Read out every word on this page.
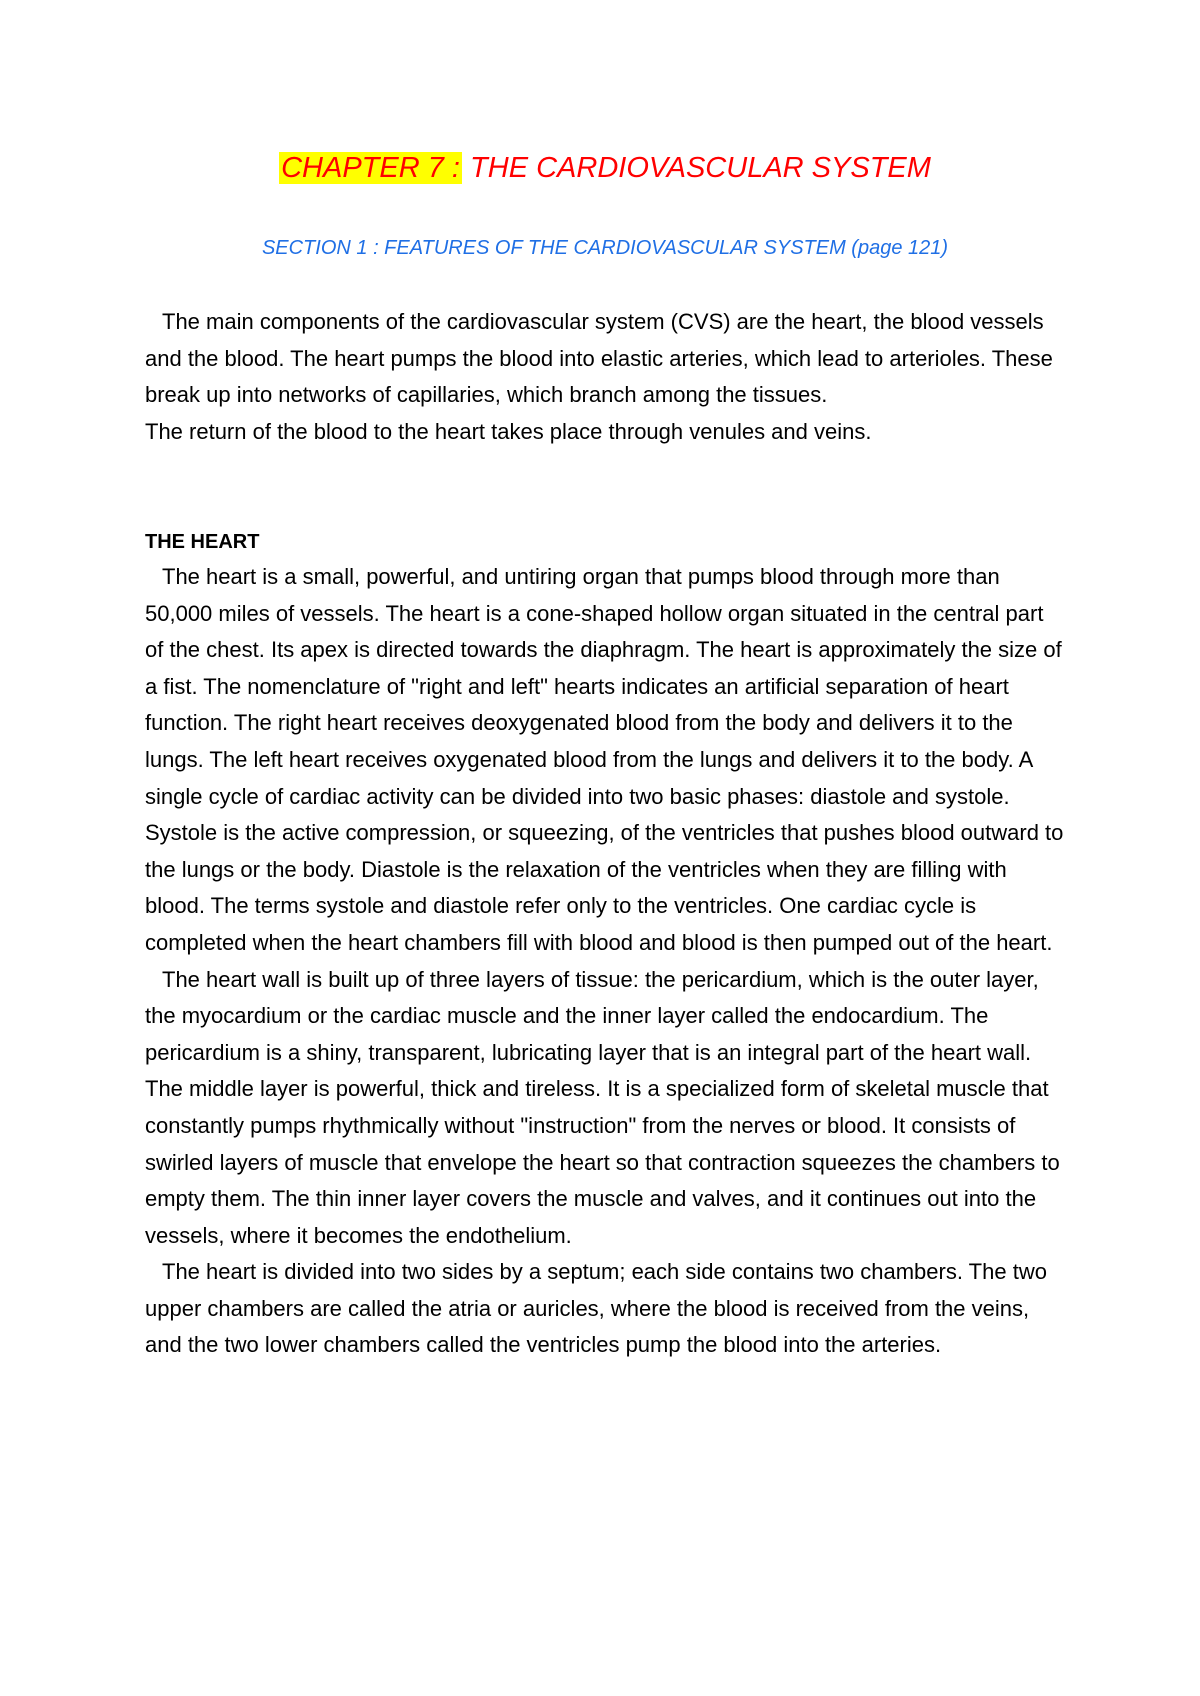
CHAPTER 7 : THE CARDIOVASCULAR SYSTEM
SECTION 1 : FEATURES OF THE CARDIOVASCULAR SYSTEM (page 121)

The main components of the cardiovascular system (CVS) are the heart, the blood vessels and the blood. The heart pumps the blood into elastic arteries, which lead to arterioles. These break up into networks of capillaries, which branch among the tissues.

The return of the blood to the heart takes place through venules and veins.

THE HEART

The heart is a small, powerful, and untiring organ that pumps blood through more than 50,000 miles of vessels. The heart is a cone-shaped hollow organ situated in the central part of the chest. Its apex is directed towards the diaphragm. The heart is approximately the size of a fist. The nomenclature of "right and left" hearts indicates an artificial separation of heart function. The right heart receives deoxygenated blood from the body and delivers it to the lungs. The left heart receives oxygenated blood from the lungs and delivers it to the body. A single cycle of cardiac activity can be divided into two basic phases: diastole and systole. Systole is the active compression, or squeezing, of the ventricles that pushes blood outward to the lungs or the body. Diastole is the relaxation of the ventricles when they are filling with blood. The terms systole and diastole refer only to the ventricles. One cardiac cycle is completed when the heart chambers fill with blood and blood is then pumped out of the heart.

The heart wall is built up of three layers of tissue: the pericardium, which is the outer layer, the myocardium or the cardiac muscle and the inner layer called the endocardium. The pericardium is a shiny, transparent, lubricating layer that is an integral part of the heart wall. The middle layer is powerful, thick and tireless. It is a specialized form of skeletal muscle that constantly pumps rhythmically without "instruction" from the nerves or blood. It consists of swirled layers of muscle that envelope the heart so that contraction squeezes the chambers to empty them. The thin inner layer covers the muscle and valves, and it continues out into the vessels, where it becomes the endothelium.

The heart is divided into two sides by a septum; each side contains two chambers. The two upper chambers are called the atria or auricles, where the blood is received from the veins, and the two lower chambers called the ventricles pump the blood into the arteries.
